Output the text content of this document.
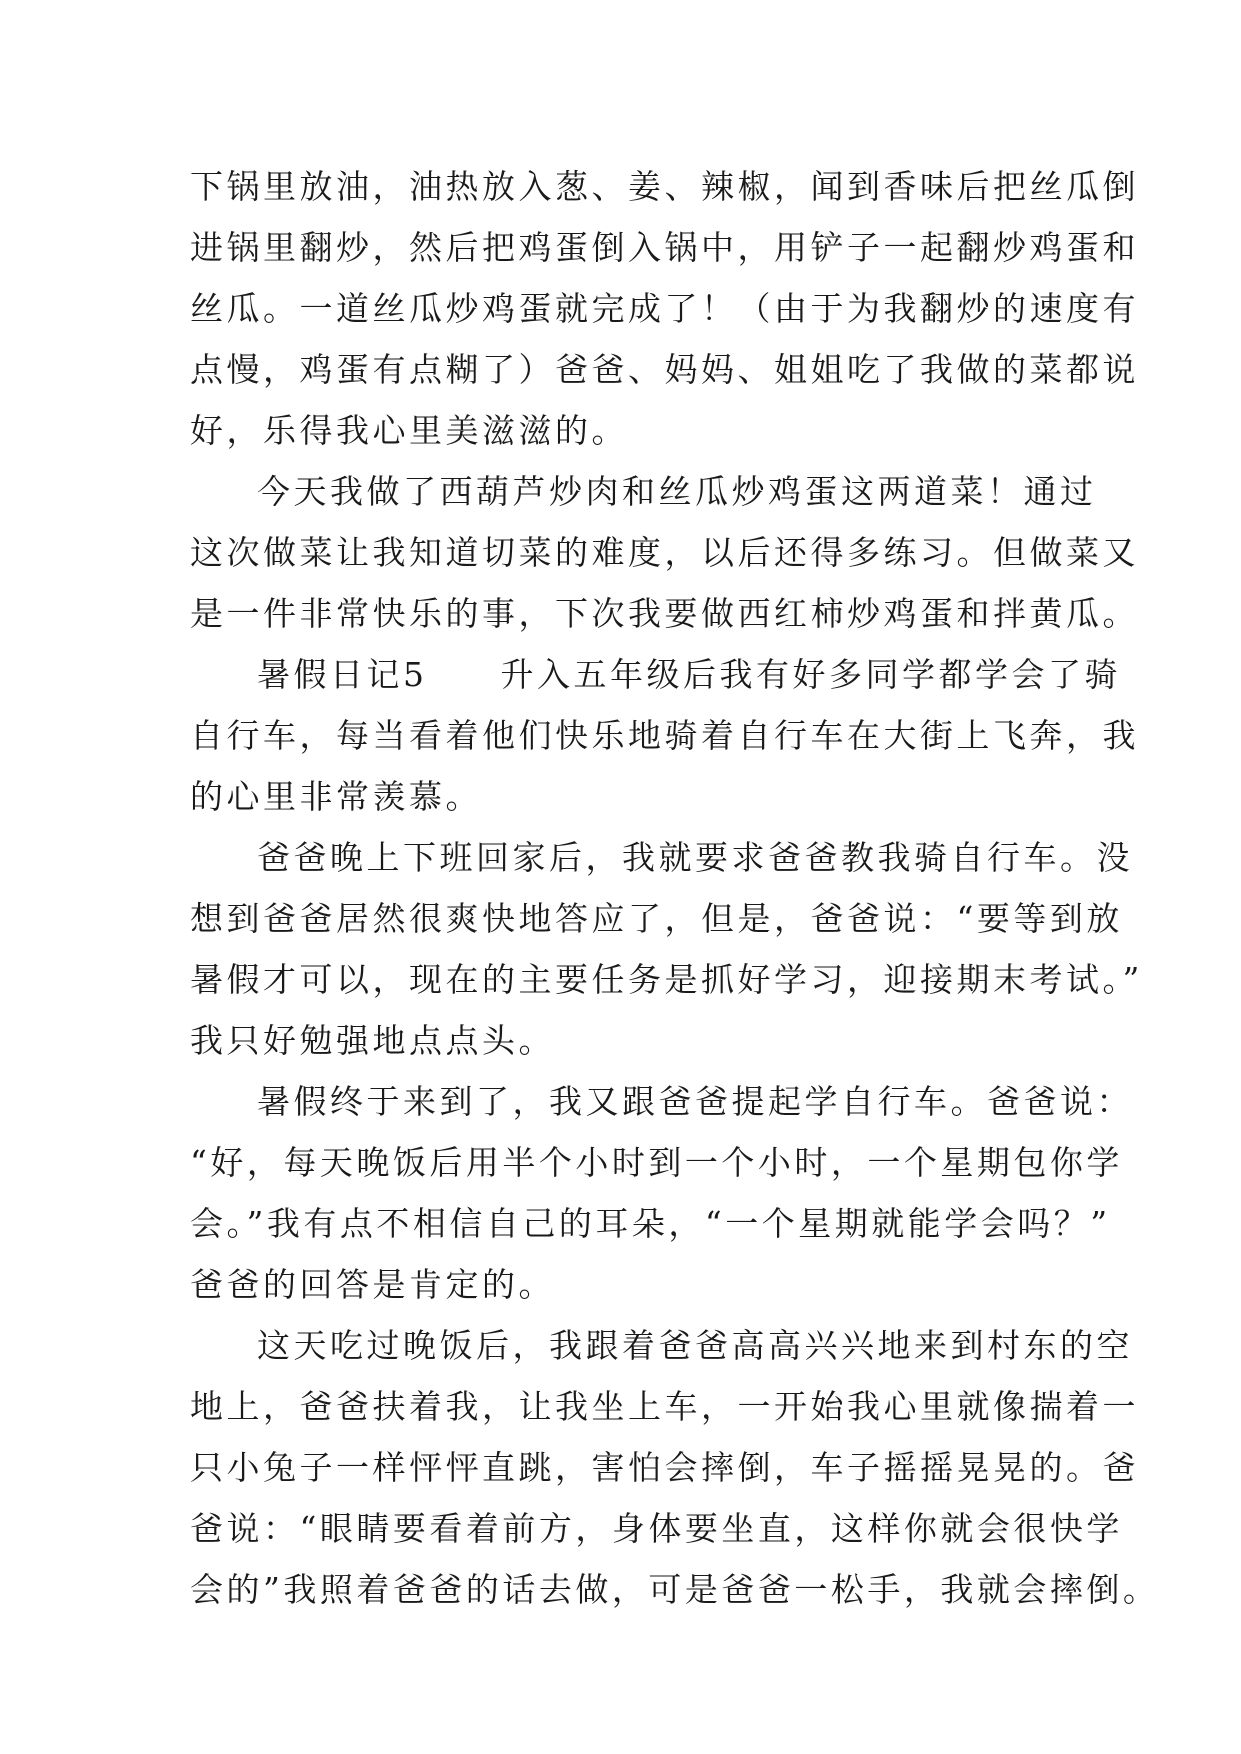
下锅里放油，油热放入葱、姜、辣椒，闻到香味后把丝瓜倒
进锅里翻炒，然后把鸡蛋倒入锅中，用铲子一起翻炒鸡蛋和
丝瓜。一道丝瓜炒鸡蛋就完成了！（由于为我翻炒的速度有
点慢，鸡蛋有点糊了）爸爸、妈妈、姐姐吃了我做的菜都说
好，乐得我心里美滋滋的。
今天我做了西葫芦炒肉和丝瓜炒鸡蛋这两道菜！通过
这次做菜让我知道切菜的难度，以后还得多练习。但做菜又
是一件非常快乐的事，下次我要做西红柿炒鸡蛋和拌黄瓜。
暑假日记5　　升入五年级后我有好多同学都学会了骑
自行车，每当看着他们快乐地骑着自行车在大街上飞奔，我
的心里非常羡慕。
爸爸晚上下班回家后，我就要求爸爸教我骑自行车。没
想到爸爸居然很爽快地答应了，但是，爸爸说：“要等到放
暑假才可以，现在的主要任务是抓好学习，迎接期末考试。”
我只好勉强地点点头。
暑假终于来到了，我又跟爸爸提起学自行车。爸爸说：
“好，每天晚饭后用半个小时到一个小时，一个星期包你学
会。”我有点不相信自己的耳朵，“一个星期就能学会吗？”
爸爸的回答是肯定的。
这天吃过晚饭后，我跟着爸爸高高兴兴地来到村东的空
地上，爸爸扶着我，让我坐上车，一开始我心里就像揣着一
只小兔子一样怦怦直跳，害怕会摔倒，车子摇摇晃晃的。爸
爸说：“眼睛要看着前方，身体要坐直，这样你就会很快学
会的”我照着爸爸的话去做，可是爸爸一松手，我就会摔倒。
